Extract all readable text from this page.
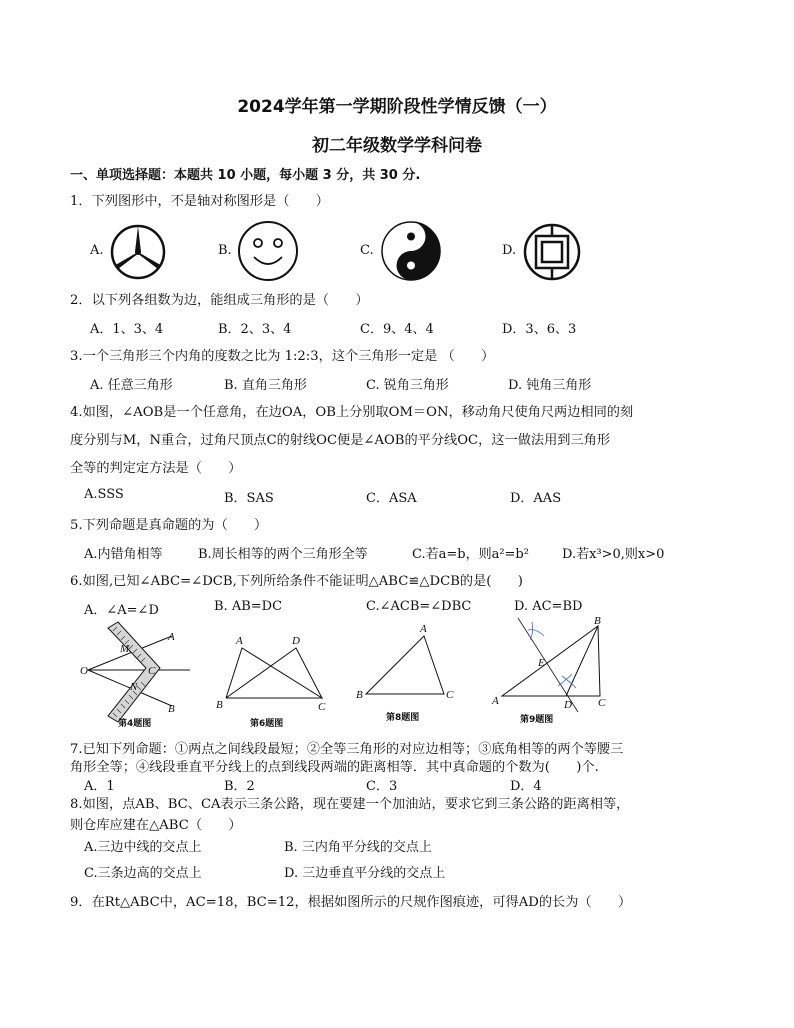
2024学年第一学期阶段性学情反馈（一）
初二年级数学学科问卷
一、单项选择题：本题共 10 小题，每小题 3 分，共 30 分.
1．下列图形中，不是轴对称图形是（　　）
A.	B.	C.	D.
2．以下列各组数为边，能组成三角形的是（　　）
A．1、3、4	B．2、3、4	C．9、4、4	D．3、6、3
3.一个三角形三个内角的度数之比为 1:2:3，这个三角形一定是 （　　）
A. 任意三角形	B. 直角三角形	C. 锐角三角形	D. 钝角三角形
4.如图，∠AOB是一个任意角，在边OA，OB上分别取OM＝ON，移动角尺使角尺两边相同的刻
度分别与M，N重合，过角尺顶点C的射线OC便是∠AOB的平分线OC，这一做法用到三角形
全等的判定定方法是（　　）
A.SSS	B．SAS	C．ASA	D．AAS
5.下列命题是真命题的为（　　）
A.内错角相等	B.周长相等的两个三角形全等	C.若a=b，则a²=b²	D.若x³>0,则x>0
6.如图,已知∠ABC=∠DCB,下列所给条件不能证明△ABC≌△DCB的是(　　)
A．∠A=∠D	B. AB=DC	C.∠ACB=∠DBC	D. AC=BD
A
M
O	C
N
B
第4题图
A	D
B	C
第6题图
A
B	C
第8题图
B
E
A	D C
第9题图
7.已知下列命题：①两点之间线段最短；②全等三角形的对应边相等；③底角相等的两个等腰三
角形全等；④线段垂直平分线上的点到线段两端的距离相等．其中真命题的个数为(　　)个.
A．1	B．2	C．3	D．4
8.如图，点AB、BC、CA表示三条公路，现在要建一个加油站，要求它到三条公路的距离相等，
则仓库应建在△ABC（　　）
A.三边中线的交点上	B. 三内角平分线的交点上
C.三条边高的交点上	D. 三边垂直平分线的交点上
9．在Rt△ABC中，AC=18，BC=12，根据如图所示的尺规作图痕迹，可得AD的长为（　　）
